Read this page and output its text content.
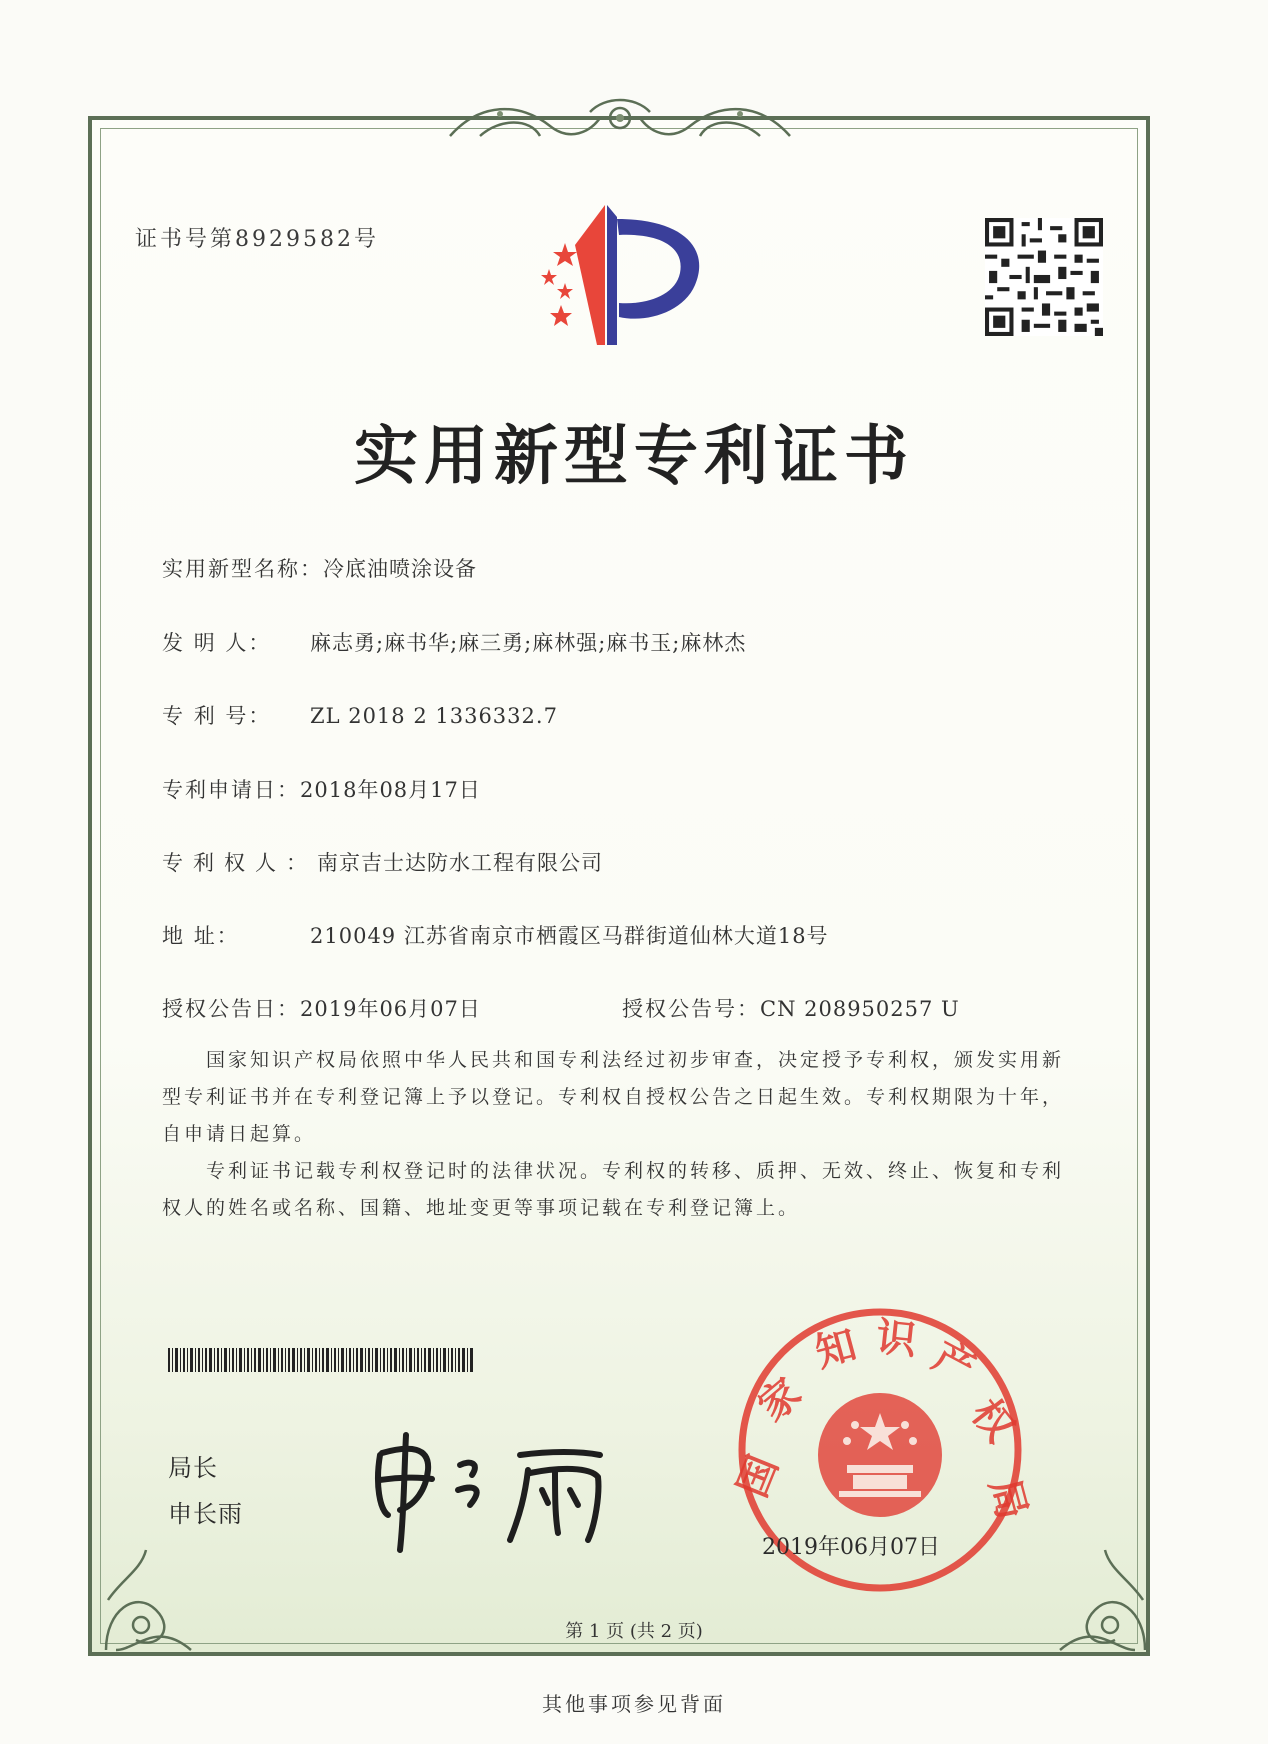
证书号第8929582号
实用新型专利证书
实用新型名称：冷底油喷涂设备
发 明 人： 麻志勇;麻书华;麻三勇;麻林强;麻书玉;麻林杰
专 利 号： ZL 2018 2 1336332.7
专利申请日：2018年08月17日
专利权人：南京吉士达防水工程有限公司
地 址：	210049 江苏省南京市栖霞区马群街道仙林大道18号
授权公告日：2019年06月07日	授权公告号：CN 208950257 U
国家知识产权局依照中华人民共和国专利法经过初步审查，决定授予专利权，颁发实用新型专利证书并在专利登记簿上予以登记。专利权自授权公告之日起生效。专利权期限为十年，自申请日起算。
专利证书记载专利权登记时的法律状况。专利权的转移、质押、无效、终止、恢复和专利权人的姓名或名称、国籍、地址变更等事项记载在专利登记簿上。
局长
申长雨
国
家
知 识 产
权
局
2019年06月07日
第 1 页 (共 2 页)
其他事项参见背面
